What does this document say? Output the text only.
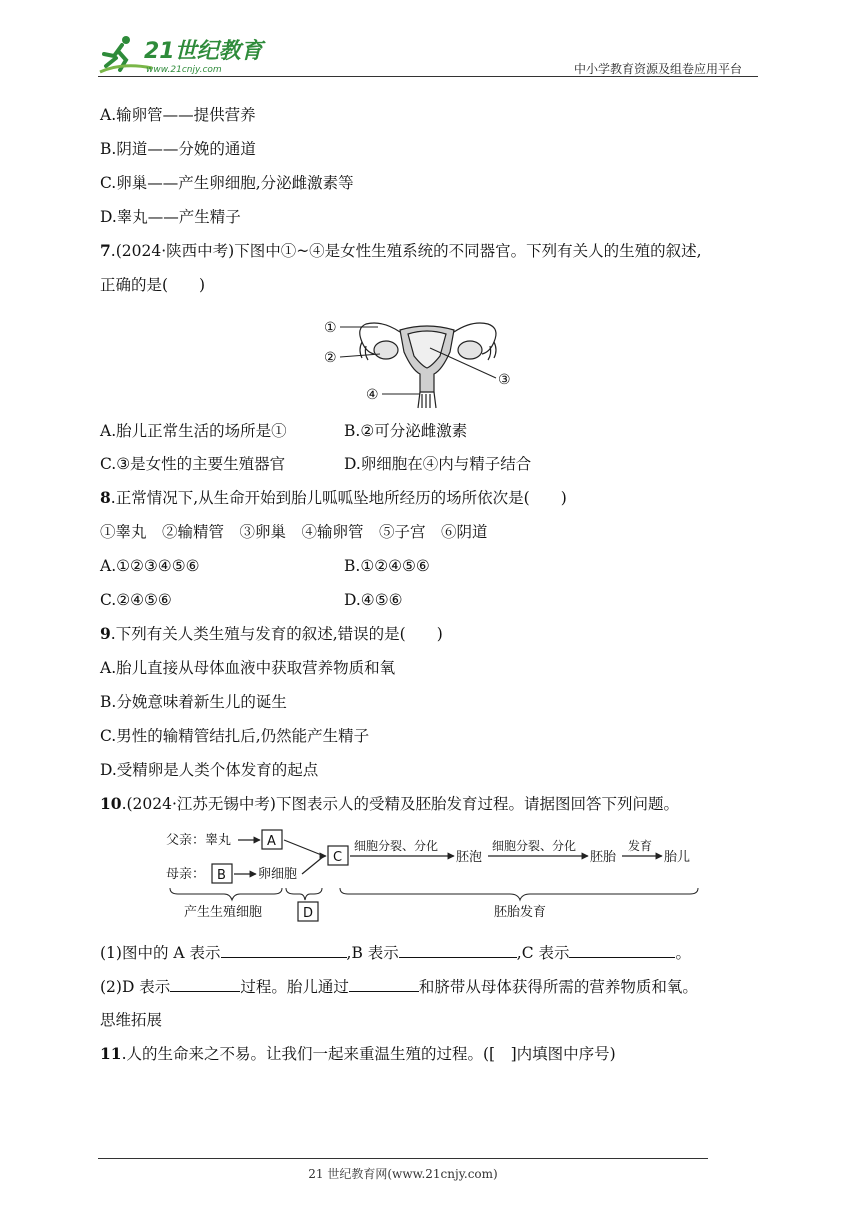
21世纪教育
www.21cnjy.com	中小学教育资源及组卷应用平台
A.输卵管——提供营养
B.阴道——分娩的通道
C.卵巢——产生卵细胞,分泌雌激素等
D.睾丸——产生精子
7.(2024·陕西中考)下图中①~④是女性生殖系统的不同器官。下列有关人的生殖的叙述,
正确的是(　　)
①
②
③
④
A.胎儿正常生活的场所是①	B.②可分泌雌激素
C.③是女性的主要生殖器官	D.卵细胞在④内与精子结合
8.正常情况下,从生命开始到胎儿呱呱坠地所经历的场所依次是(　　)
①睾丸　②输精管　③卵巢　④输卵管　⑤子宫　⑥阴道
A.①②③④⑤⑥	B.①②④⑤⑥
C.②④⑤⑥	D.④⑤⑥
9.下列有关人类生殖与发育的叙述,错误的是(　　)
A.胎儿直接从母体血液中获取营养物质和氧
B.分娩意味着新生儿的诞生
C.男性的输精管结扎后,仍然能产生精子
D.受精卵是人类个体发育的起点
10.(2024·江苏无锡中考)下图表示人的受精及胚胎发育过程。请据图回答下列问题。
父亲：睾丸	A
母亲： B 卵细胞
C
细胞分裂、分化
胚泡
细胞分裂、分化
胚胎
发育
胎儿
产生生殖细胞	D	胚胎发育
(1)图中的 A 表示	,B 表示	,C 表示	。
(2)D 表示	过程。胎儿通过	和脐带从母体获得所需的营养物质和氧。
思维拓展
11.人的生命来之不易。让我们一起来重温生殖的过程。([　]内填图中序号)
21 世纪教育网(www.21cnjy.com)
